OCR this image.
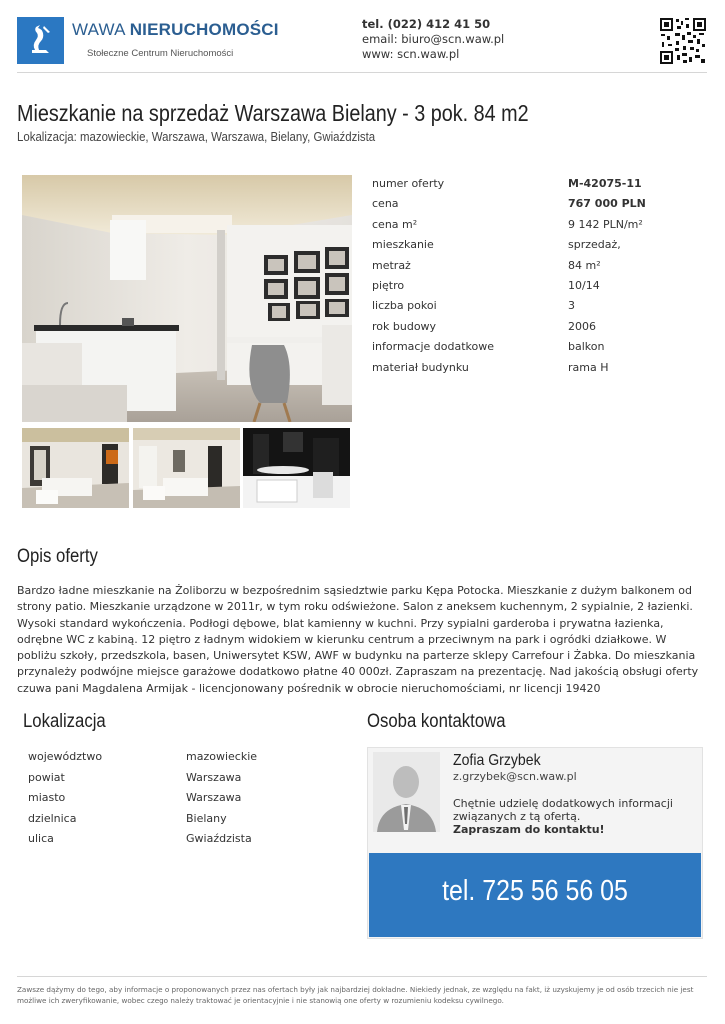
WAWA NIERUCHOMOŚCI
Stołeczne Centrum Nieruchomości
tel. (022) 412 41 50
email: biuro@scn.waw.pl
www: scn.waw.pl
Mieszkanie na sprzedaż Warszawa Bielany - 3 pok. 84 m2
Lokalizacja: mazowieckie, Warszawa, Warszawa, Bielany, Gwiaździsta
numer oferty	M-42075-11
cena	767 000 PLN
cena m²	9 142 PLN/m²
mieszkanie	sprzedaż,
metraż	84 m²
piętro	10/14
liczba pokoi	3
rok budowy	2006
informacje dodatkowe	balkon
materiał budynku	rama H
Opis oferty
Bardzo ładne mieszkanie na Żoliborzu w bezpośrednim sąsiedztwie parku Kępa Potocka. Mieszkanie z dużym balkonem od strony patio. Mieszkanie urządzone w 2011r, w tym roku odświeżone. Salon z aneksem kuchennym, 2 sypialnie, 2 łazienki. Wysoki standard wykończenia. Podłogi dębowe, blat kamienny w kuchni. Przy sypialni garderoba i prywatna łazienka, odrębne WC z kabiną. 12 piętro z ładnym widokiem w kierunku centrum a przeciwnym na park i ogródki działkowe. W pobliżu szkoły, przedszkola, basen, Uniwersytet KSW, AWF w budynku na parterze sklepy Carrefour i Żabka. Do mieszkania przynależy podwójne miejsce garażowe dodatkowo płatne 40 000zł. Zapraszam na prezentację. Nad jakością obsługi oferty czuwa pani Magdalena Armijak - licencjonowany pośrednik w obrocie nieruchomościami, nr licencji 19420
Lokalizacja
województwo	mazowieckie
powiat	Warszawa
miasto	Warszawa
dzielnica	Bielany
ulica	Gwiaździsta
Osoba kontaktowa
Zofia Grzybek
z.grzybek@scn.waw.pl
Chętnie udzielę dodatkowych informacji związanych z tą ofertą.
Zapraszam do kontaktu!
tel. 725 56 56 05
Zawsze dążymy do tego, aby informacje o proponowanych przez nas ofertach były jak najbardziej dokładne. Niekiedy jednak, ze względu na fakt, iż uzyskujemy je od osób trzecich nie jest możliwe ich zweryfikowanie, wobec czego należy traktować je orientacyjnie i nie stanowią one oferty w rozumieniu kodeksu cywilnego.
